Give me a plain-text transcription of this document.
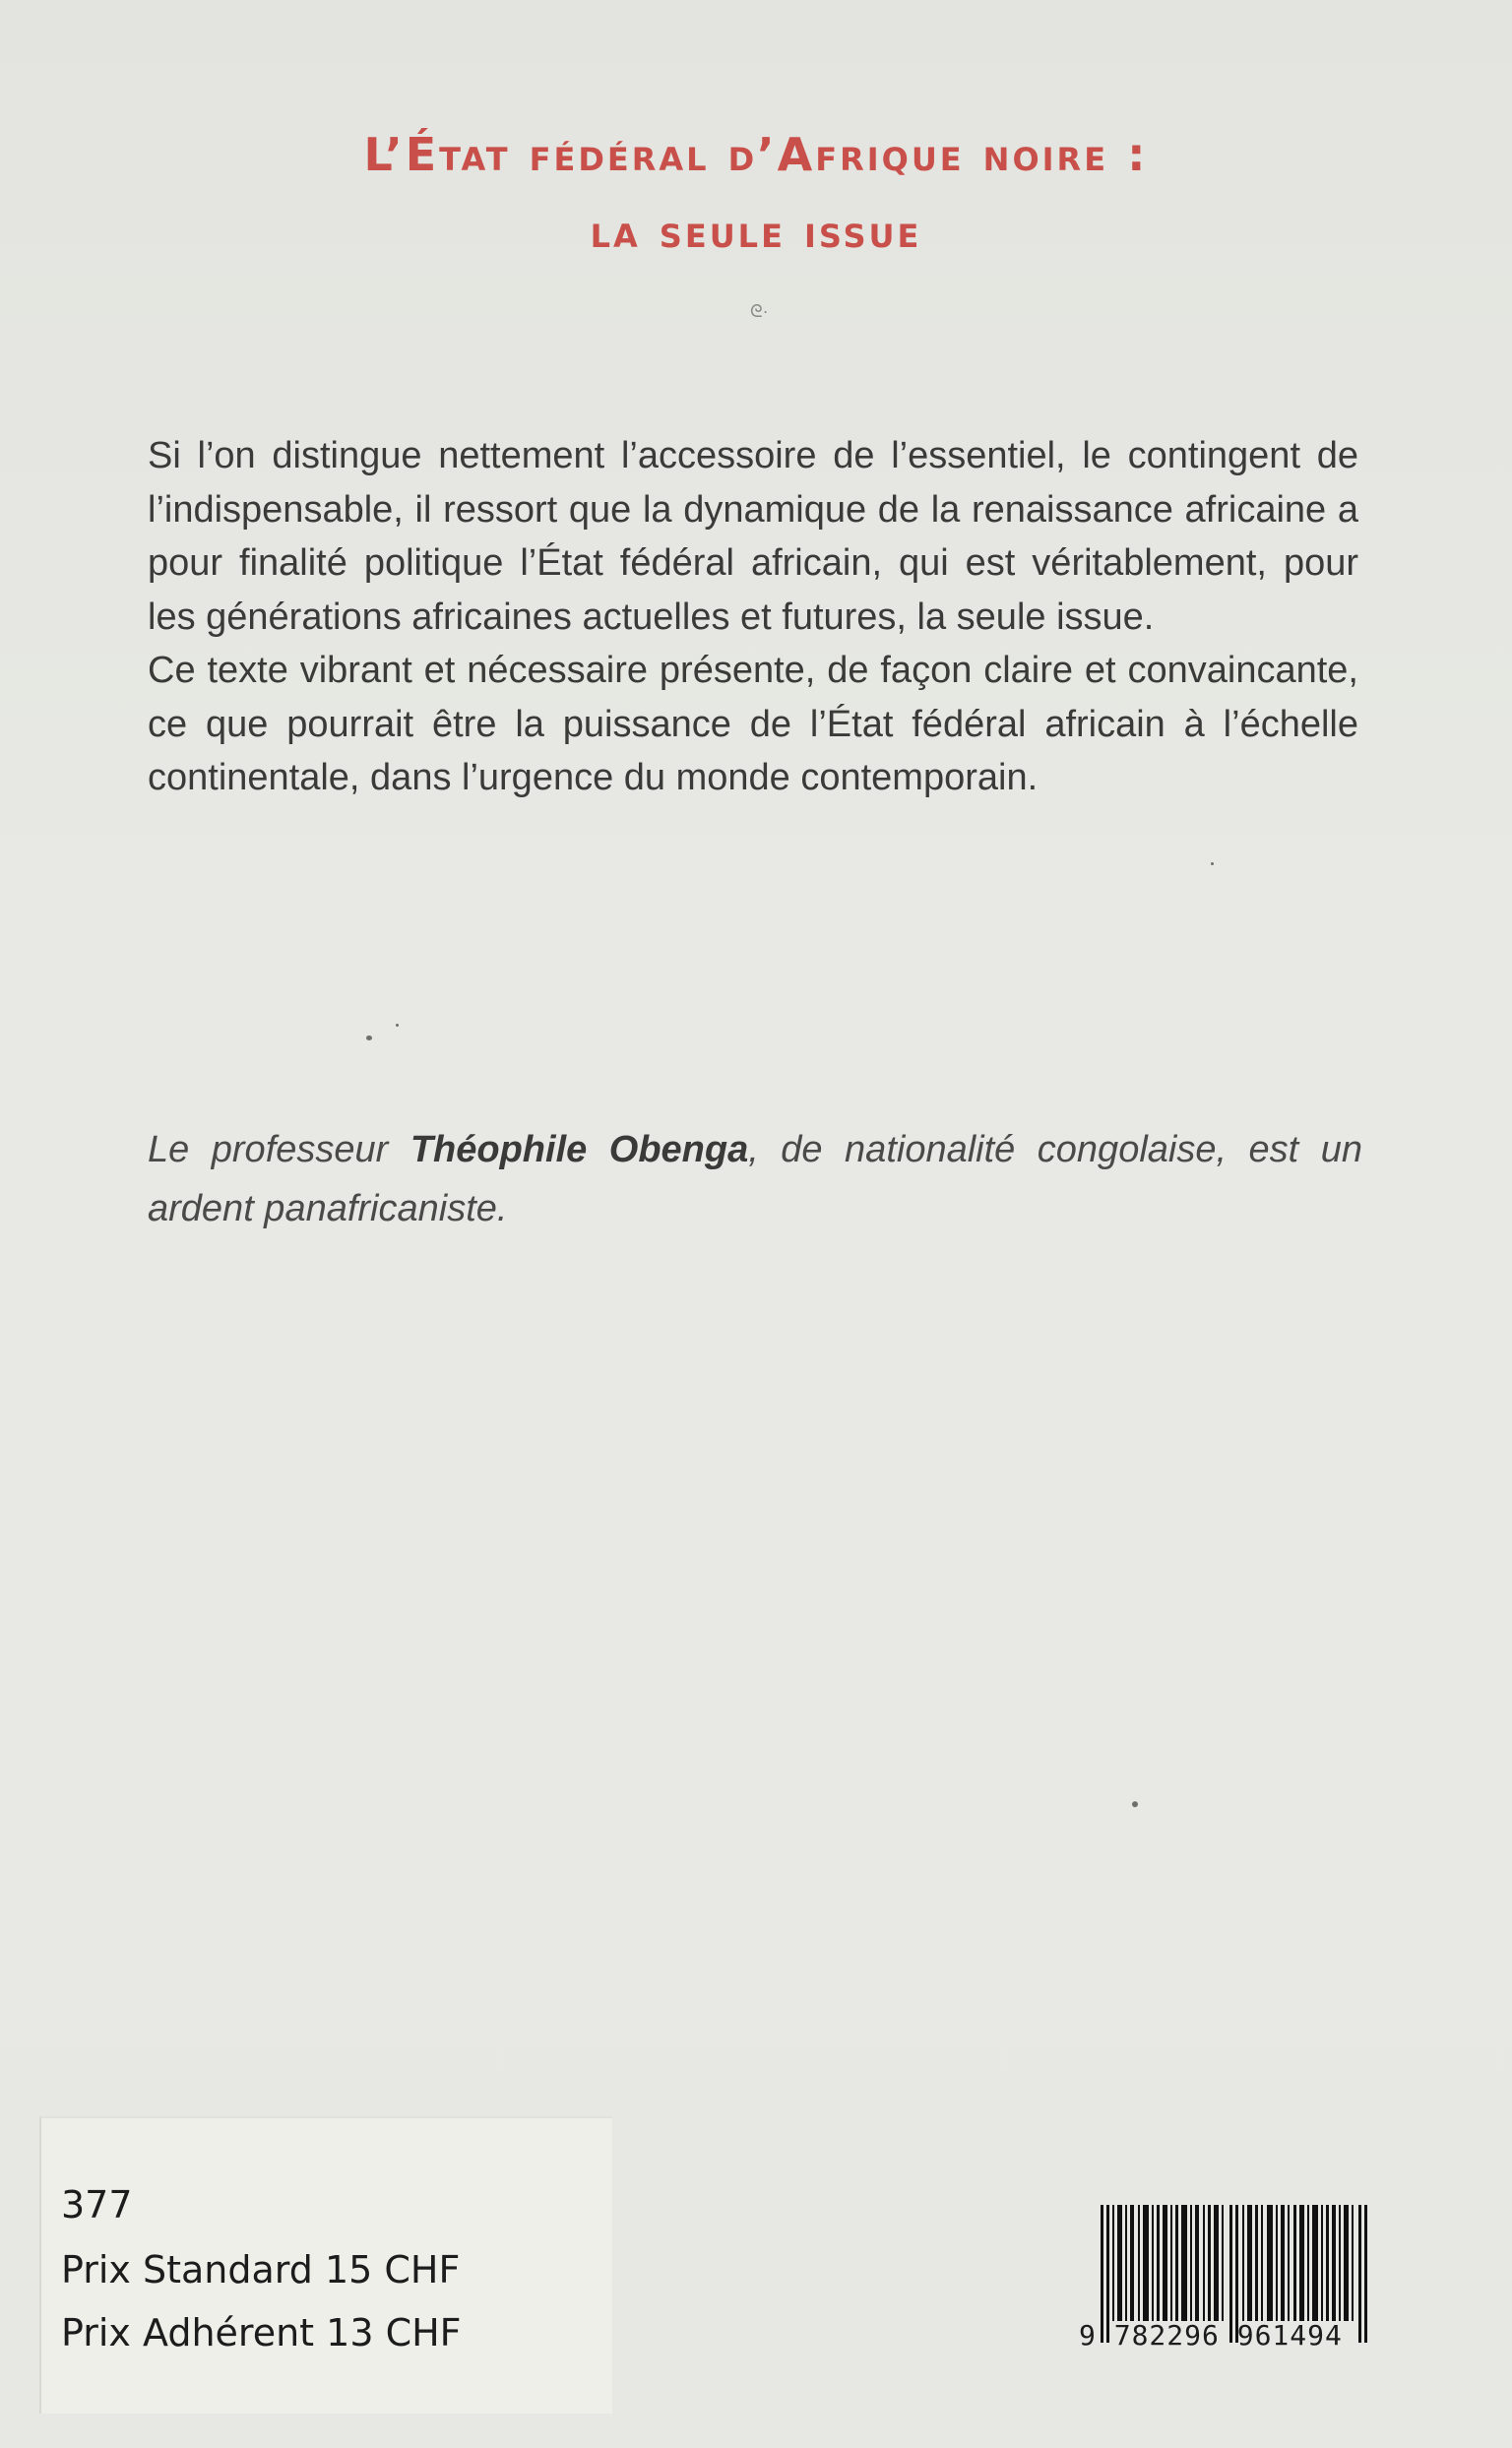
L’État fédéral d’Afrique noire :
la seule issue
ᘓ·

Si l’on distingue nettement l’accessoire de l’essentiel, le contingent de l’indispensable, il ressort que la dynamique de la renaissance africaine a pour finalité politique l’État fédéral africain, qui est véritablement, pour les générations africaines actuelles et futures, la seule issue.

Ce texte vibrant et nécessaire présente, de façon claire et convaincante, ce que pourrait être la puissance de l’État fédéral africain à l’échelle continentale, dans l’urgence du monde contemporain.

Le professeur Théophile Obenga, de nationalité congolaise, est un ardent panafricaniste.
377
Prix Standard 15 CHF
Prix Adhérent 13 CHF	9 782296 961494
